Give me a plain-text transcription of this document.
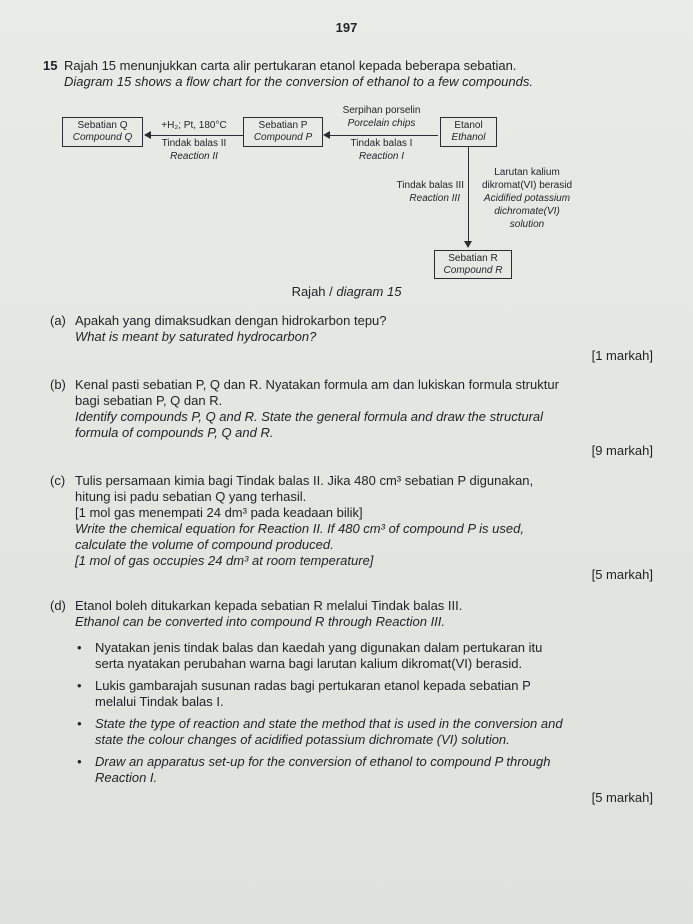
197
15 Rajah 15 menunjukkan carta alir pertukaran etanol kepada beberapa sebatian.
Diagram 15 shows a flow chart for the conversion of ethanol to a few compounds.
Sebatian Q
Compound Q
+H₂; Pt, 180°C
Tindak balas II
Reaction II
Sebatian P
Compound P
Serpihan porselin
Porcelain chips
Tindak balas I
Reaction I
Etanol
Ethanol
Tindak balas III
Reaction III
Larutan kalium
dikromat(VI) berasid
Acidified potassium
dichromate(VI)
solution
Sebatian R
Compound R
Rajah / diagram 15
(a) Apakah yang dimaksudkan dengan hidrokarbon tepu?
What is meant by saturated hydrocarbon?
[1 markah]
(b) Kenal pasti sebatian P, Q dan R. Nyatakan formula am dan lukiskan formula struktur
bagi sebatian P, Q dan R.
Identify compounds P, Q and R. State the general formula and draw the structural
formula of compounds P, Q and R.
[9 markah]
(c) Tulis persamaan kimia bagi Tindak balas II. Jika 480 cm³ sebatian P digunakan,
hitung isi padu sebatian Q yang terhasil.
[1 mol gas menempati 24 dm³ pada keadaan bilik]
Write the chemical equation for Reaction II. If 480 cm³ of compound P is used,
calculate the volume of compound produced.
[1 mol of gas occupies 24 dm³ at room temperature]
[5 markah]
(d) Etanol boleh ditukarkan kepada sebatian R melalui Tindak balas III.
Ethanol can be converted into compound R through Reaction III.
• Nyatakan jenis tindak balas dan kaedah yang digunakan dalam pertukaran itu
serta nyatakan perubahan warna bagi larutan kalium dikromat(VI) berasid.
• Lukis gambarajah susunan radas bagi pertukaran etanol kepada sebatian P
melalui Tindak balas I.
• State the type of reaction and state the method that is used in the conversion and
state the colour changes of acidified potassium dichromate (VI) solution.
• Draw an apparatus set-up for the conversion of ethanol to compound P through
Reaction I.
[5 markah]
